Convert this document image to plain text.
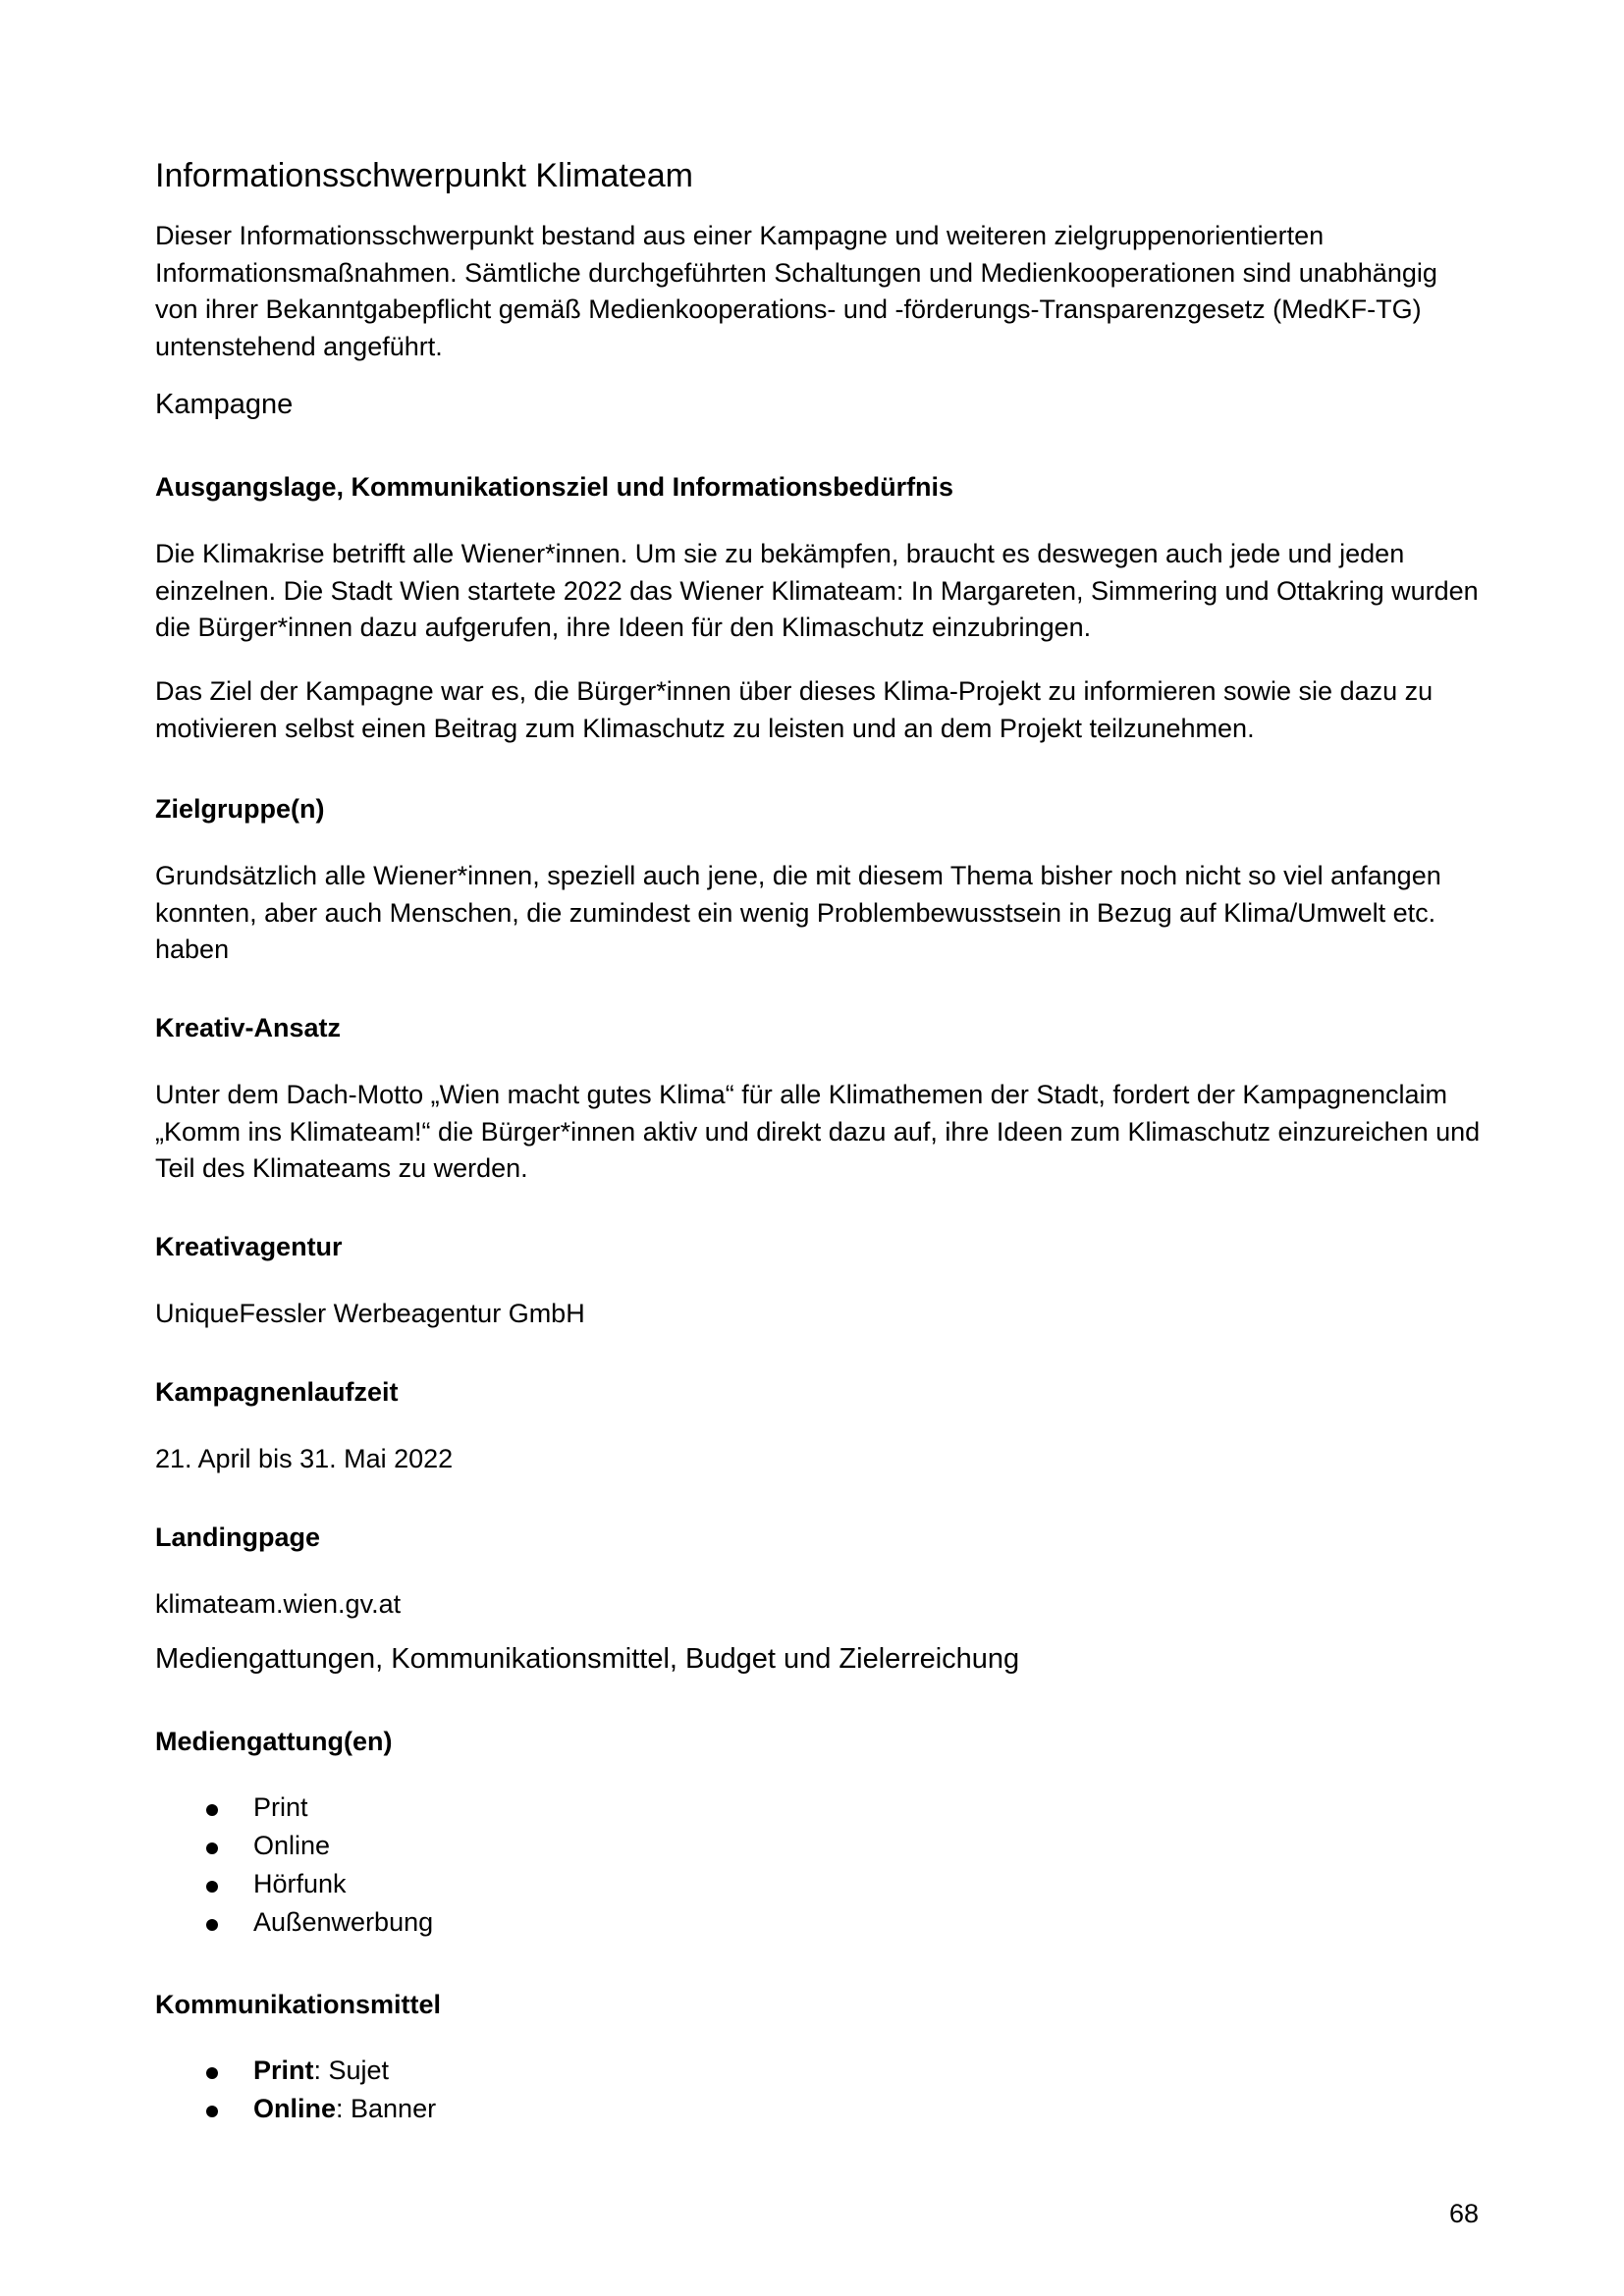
Informationsschwerpunkt Klimateam
Dieser Informationsschwerpunkt bestand aus einer Kampagne und weiteren zielgruppenorientierten Informationsmaßnahmen. Sämtliche durchgeführten Schaltungen und Medienkooperationen sind unabhängig von ihrer Bekanntgabepflicht gemäß Medienkooperations- und -förderungs-Transparenzgesetz (MedKF-TG) untenstehend angeführt.
Kampagne
Ausgangslage, Kommunikationsziel und Informationsbedürfnis
Die Klimakrise betrifft alle Wiener*innen. Um sie zu bekämpfen, braucht es deswegen auch jede und jeden einzelnen. Die Stadt Wien startete 2022 das Wiener Klimateam: In Margareten, Simmering und Ottakring wurden die Bürger*innen dazu aufgerufen, ihre Ideen für den Klimaschutz einzubringen.
Das Ziel der Kampagne war es, die Bürger*innen über dieses Klima-Projekt zu informieren sowie sie dazu zu motivieren selbst einen Beitrag zum Klimaschutz zu leisten und an dem Projekt teilzunehmen.
Zielgruppe(n)
Grundsätzlich alle Wiener*innen, speziell auch jene, die mit diesem Thema bisher noch nicht so viel anfangen konnten, aber auch Menschen, die zumindest ein wenig Problembewusstsein in Bezug auf Klima/Umwelt etc. haben
Kreativ-Ansatz
Unter dem Dach-Motto „Wien macht gutes Klima“ für alle Klimathemen der Stadt, fordert der Kampagnenclaim „Komm ins Klimateam!“ die Bürger*innen aktiv und direkt dazu auf, ihre Ideen zum Klimaschutz einzureichen und Teil des Klimateams zu werden.
Kreativagentur
UniqueFessler Werbeagentur GmbH
Kampagnenlaufzeit
21. April bis 31. Mai 2022
Landingpage
klimateam.wien.gv.at
Mediengattungen, Kommunikationsmittel, Budget und Zielerreichung
Mediengattung(en)
Print
Online
Hörfunk
Außenwerbung
Kommunikationsmittel
Print: Sujet
Online: Banner
68
